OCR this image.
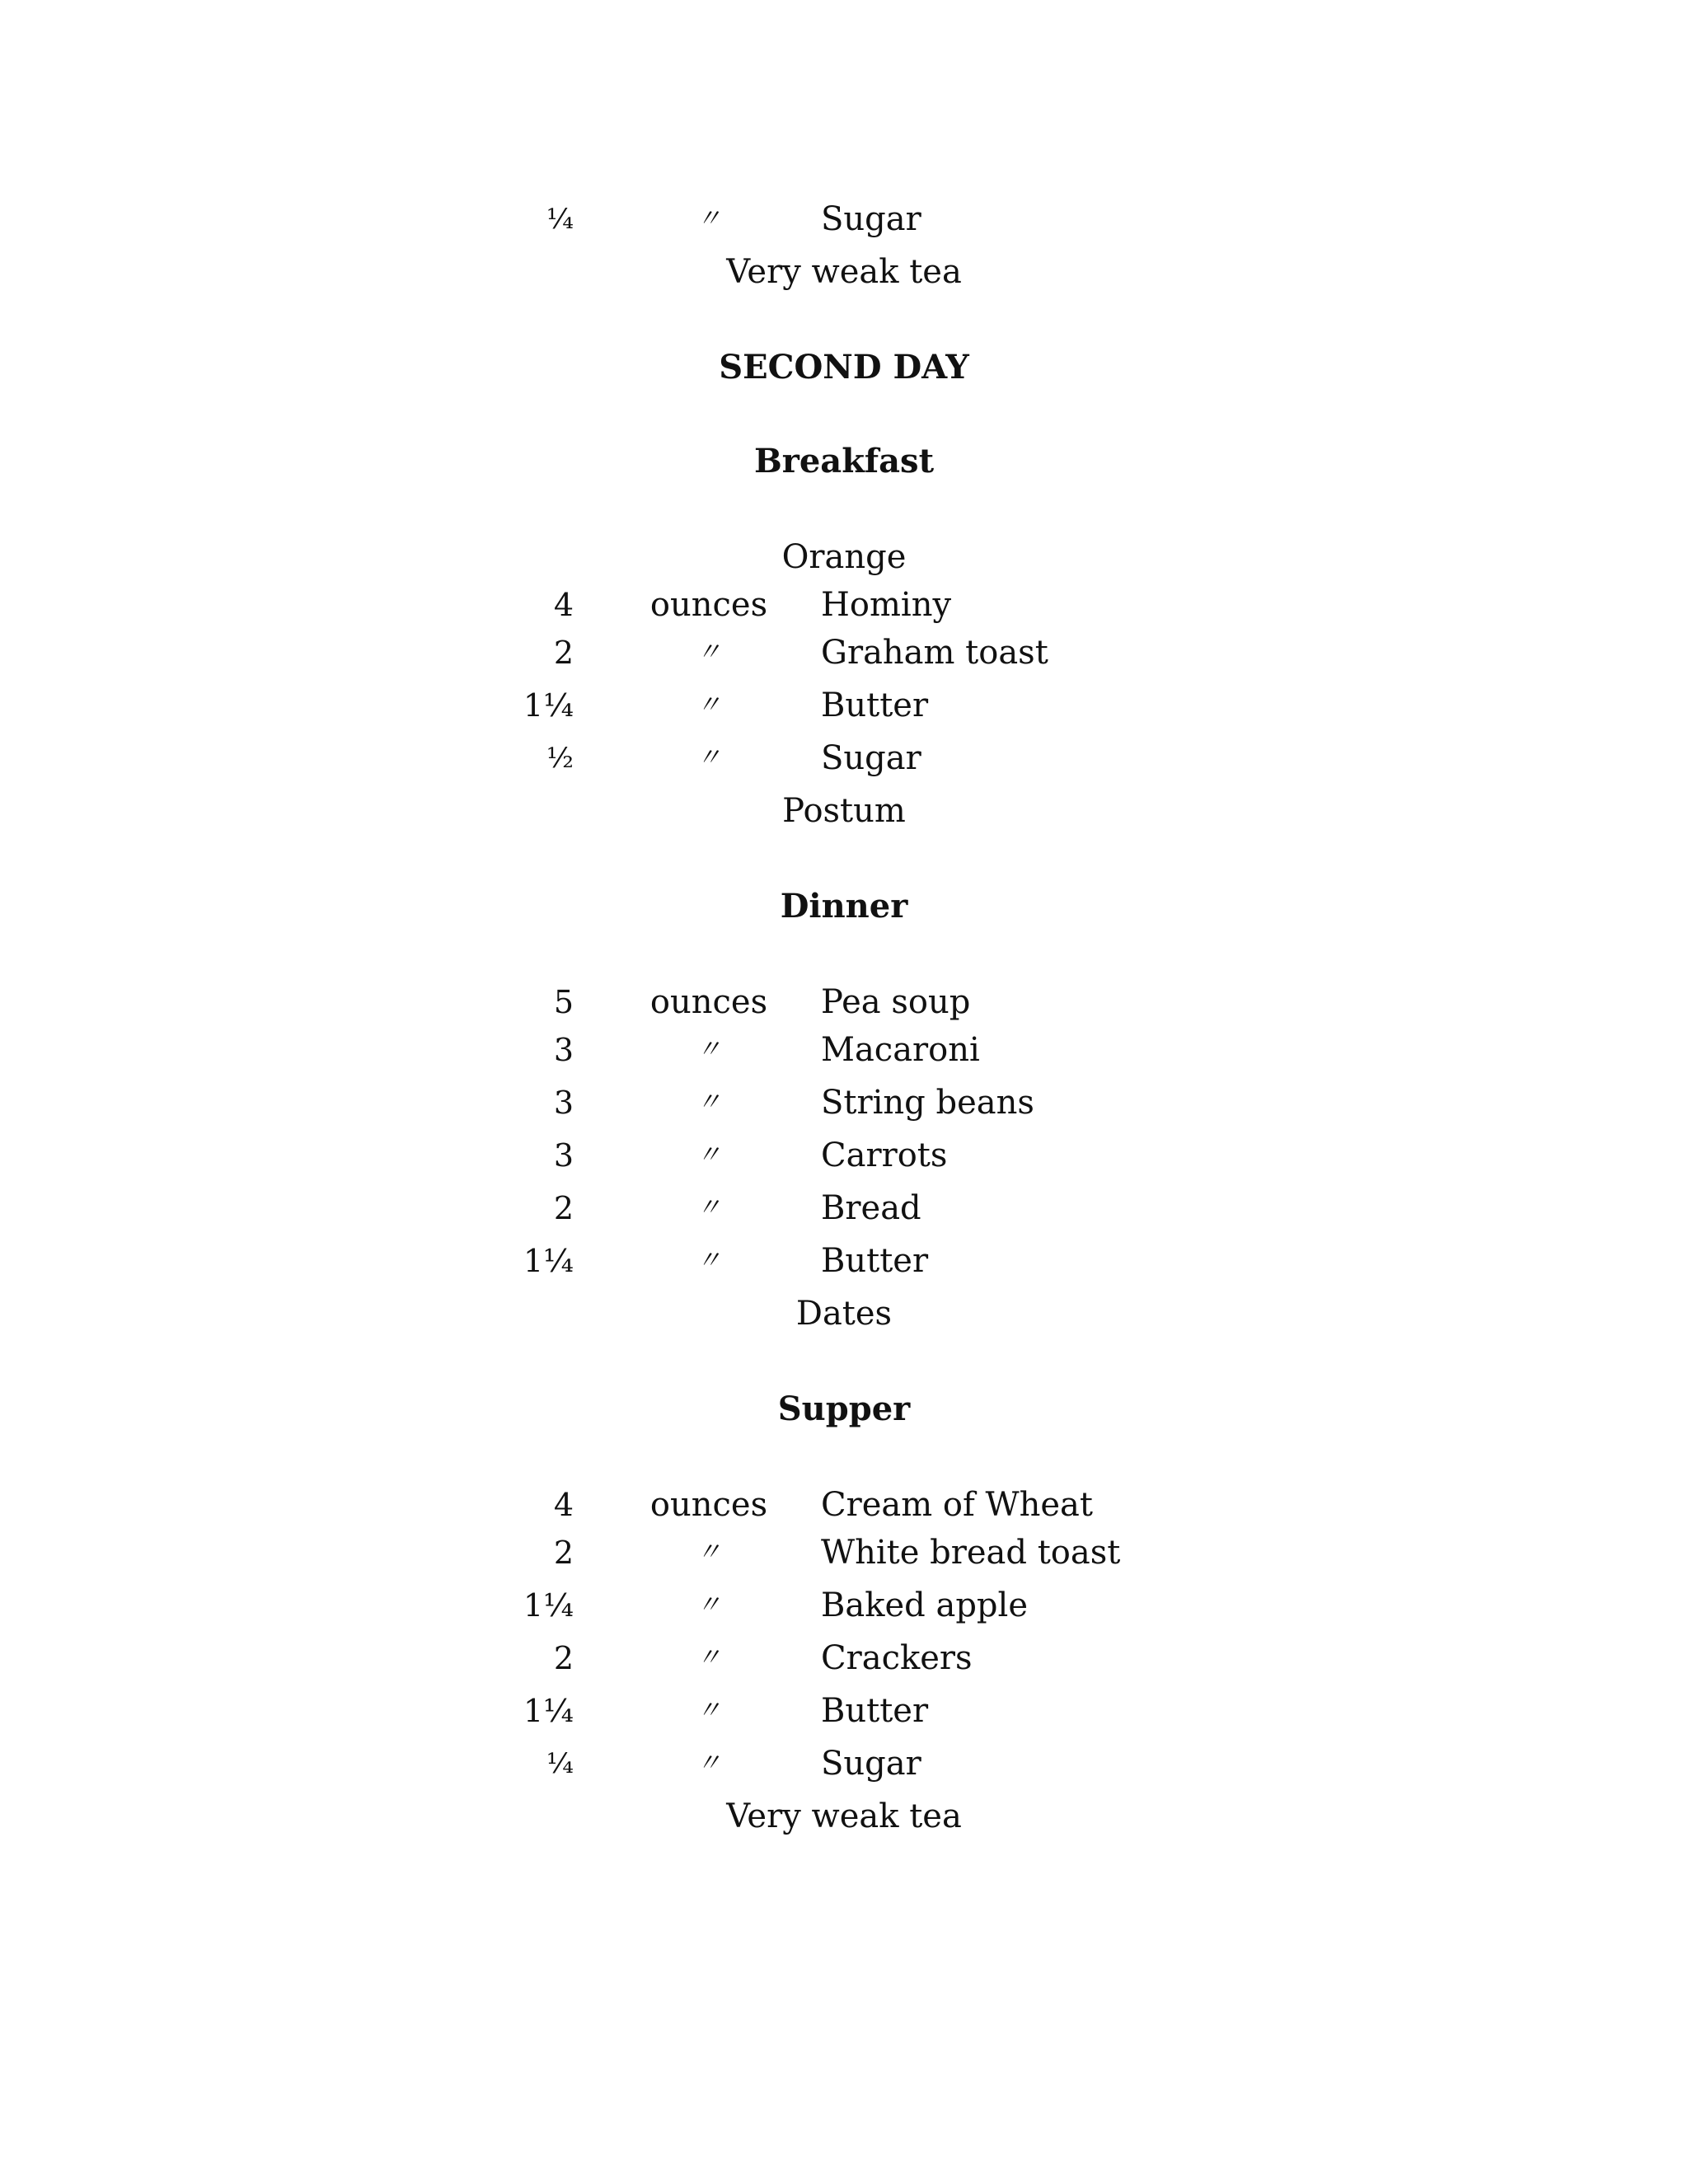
¼	〃	Sugar
Very weak tea
SECOND DAY
Breakfast
Orange
4	ounces	Hominy
2	〃	Graham toast
1¼	〃	Butter
½	〃	Sugar
Postum
Dinner
5	ounces	Pea soup
3	〃	Macaroni
3	〃	String beans
3	〃	Carrots
2	〃	Bread
1¼	〃	Butter
Dates
Supper
4	ounces	Cream of Wheat
2	〃	White bread toast
1¼	〃	Baked apple
2	〃	Crackers
1¼	〃	Butter
¼	〃	Sugar
Very weak tea
